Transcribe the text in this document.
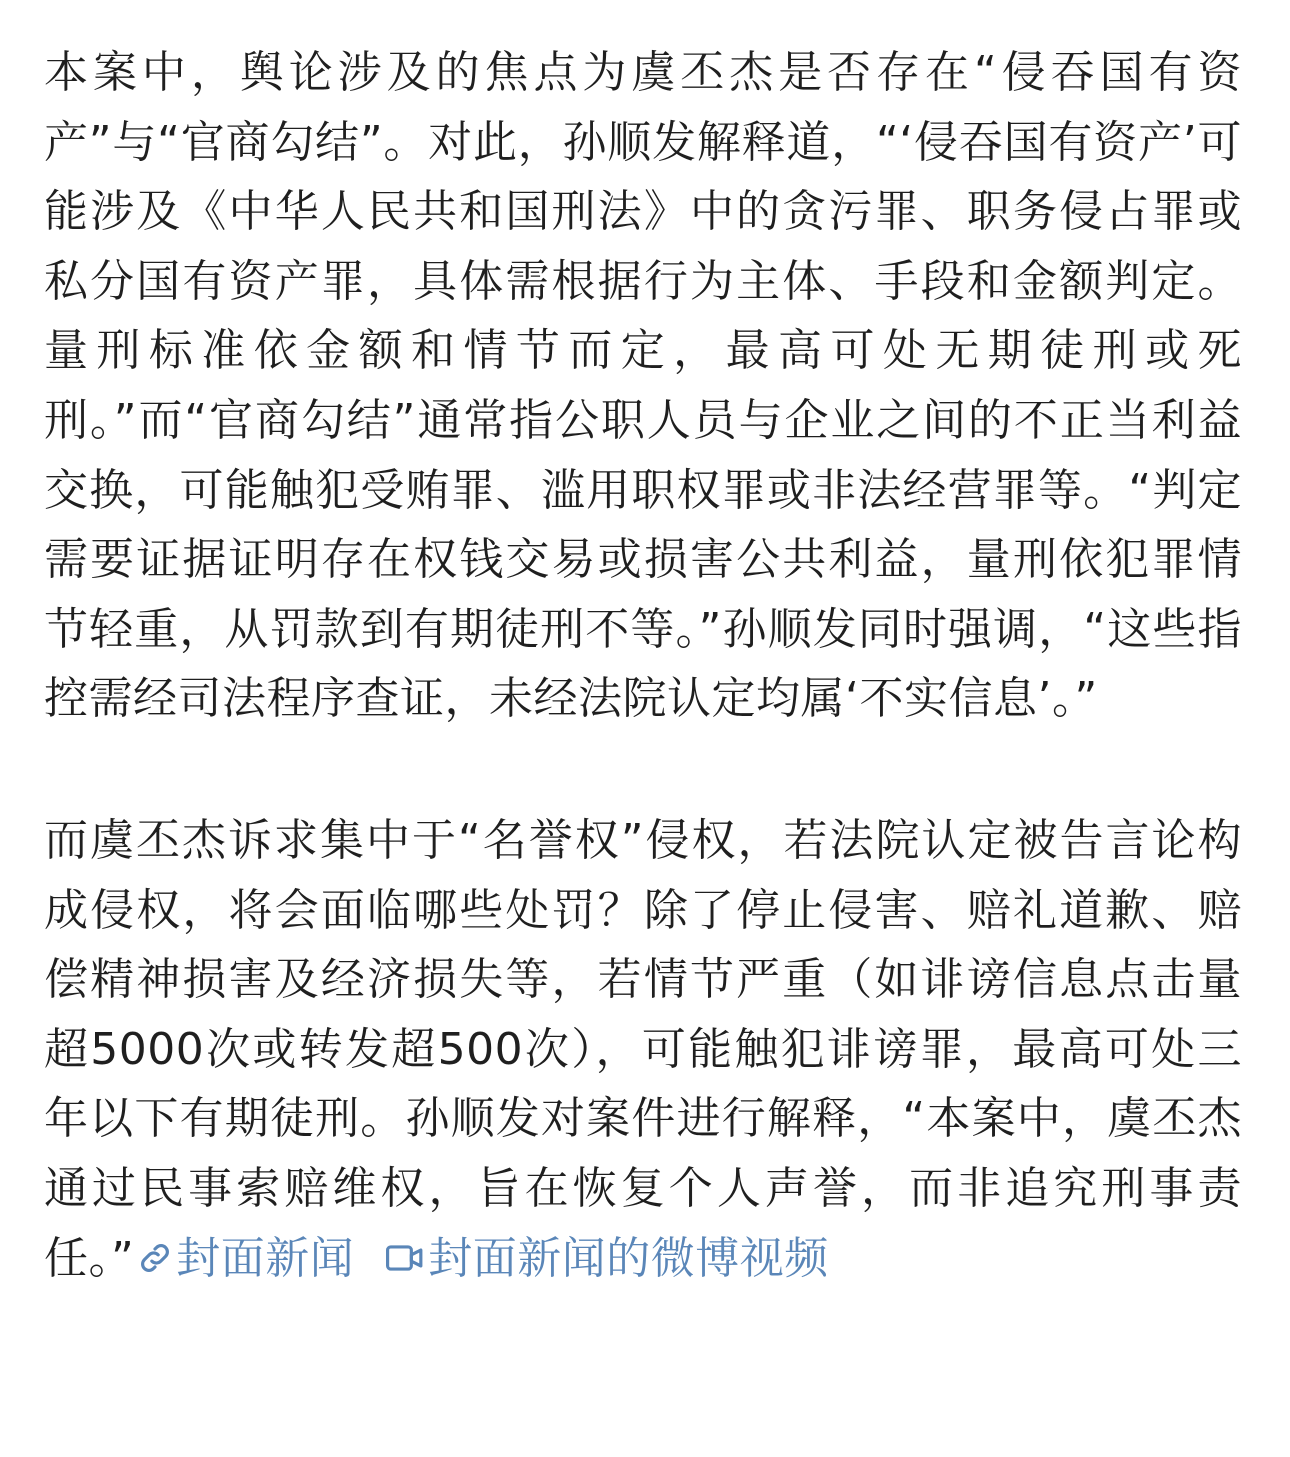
本案中，舆论涉及的焦点为虞丕杰是否存在“侵吞国有资产”与“官商勾结”。对此，孙顺发解释道，“‘侵吞国有资产’可能涉及《中华人民共和国刑法》中的贪污罪、职务侵占罪或私分国有资产罪，具体需根据行为主体、手段和金额判定。量刑标准依金额和情节而定，最高可处无期徒刑或死刑。”而“官商勾结”通常指公职人员与企业之间的不正当利益交换，可能触犯受贿罪、滥用职权罪或非法经营罪等。“判定需要证据证明存在权钱交易或损害公共利益，量刑依犯罪情节轻重，从罚款到有期徒刑不等。”孙顺发同时强调，“这些指控需经司法程序查证，未经法院认定均属‘不实信息’。”

而虞丕杰诉求集中于“名誉权”侵权，若法院认定被告言论构成侵权，将会面临哪些处罚？除了停止侵害、赔礼道歉、赔偿精神损害及经济损失等，若情节严重（如诽谤信息点击量超5000次或转发超500次），可能触犯诽谤罪，最高可处三年以下有期徒刑。孙顺发对案件进行解释，“本案中，虞丕杰通过民事索赔维权，旨在恢复个人声誉，而非追究刑事责任。” 封面新闻 封面新闻的微博视频
